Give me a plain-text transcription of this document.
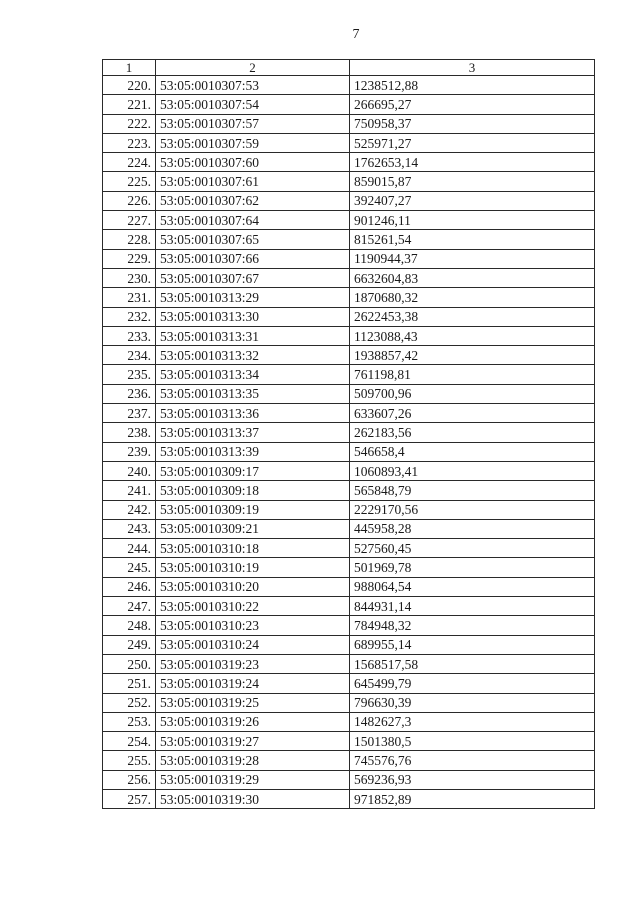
7
1	2	3
220.	53:05:0010307:53	1238512,88
221.	53:05:0010307:54	266695,27
222.	53:05:0010307:57	750958,37
223.	53:05:0010307:59	525971,27
224.	53:05:0010307:60	1762653,14
225.	53:05:0010307:61	859015,87
226.	53:05:0010307:62	392407,27
227.	53:05:0010307:64	901246,11
228.	53:05:0010307:65	815261,54
229.	53:05:0010307:66	1190944,37
230.	53:05:0010307:67	6632604,83
231.	53:05:0010313:29	1870680,32
232.	53:05:0010313:30	2622453,38
233.	53:05:0010313:31	1123088,43
234.	53:05:0010313:32	1938857,42
235.	53:05:0010313:34	761198,81
236.	53:05:0010313:35	509700,96
237.	53:05:0010313:36	633607,26
238.	53:05:0010313:37	262183,56
239.	53:05:0010313:39	546658,4
240.	53:05:0010309:17	1060893,41
241.	53:05:0010309:18	565848,79
242.	53:05:0010309:19	2229170,56
243.	53:05:0010309:21	445958,28
244.	53:05:0010310:18	527560,45
245.	53:05:0010310:19	501969,78
246.	53:05:0010310:20	988064,54
247.	53:05:0010310:22	844931,14
248.	53:05:0010310:23	784948,32
249.	53:05:0010310:24	689955,14
250.	53:05:0010319:23	1568517,58
251.	53:05:0010319:24	645499,79
252.	53:05:0010319:25	796630,39
253.	53:05:0010319:26	1482627,3
254.	53:05:0010319:27	1501380,5
255.	53:05:0010319:28	745576,76
256.	53:05:0010319:29	569236,93
257.	53:05:0010319:30	971852,89
